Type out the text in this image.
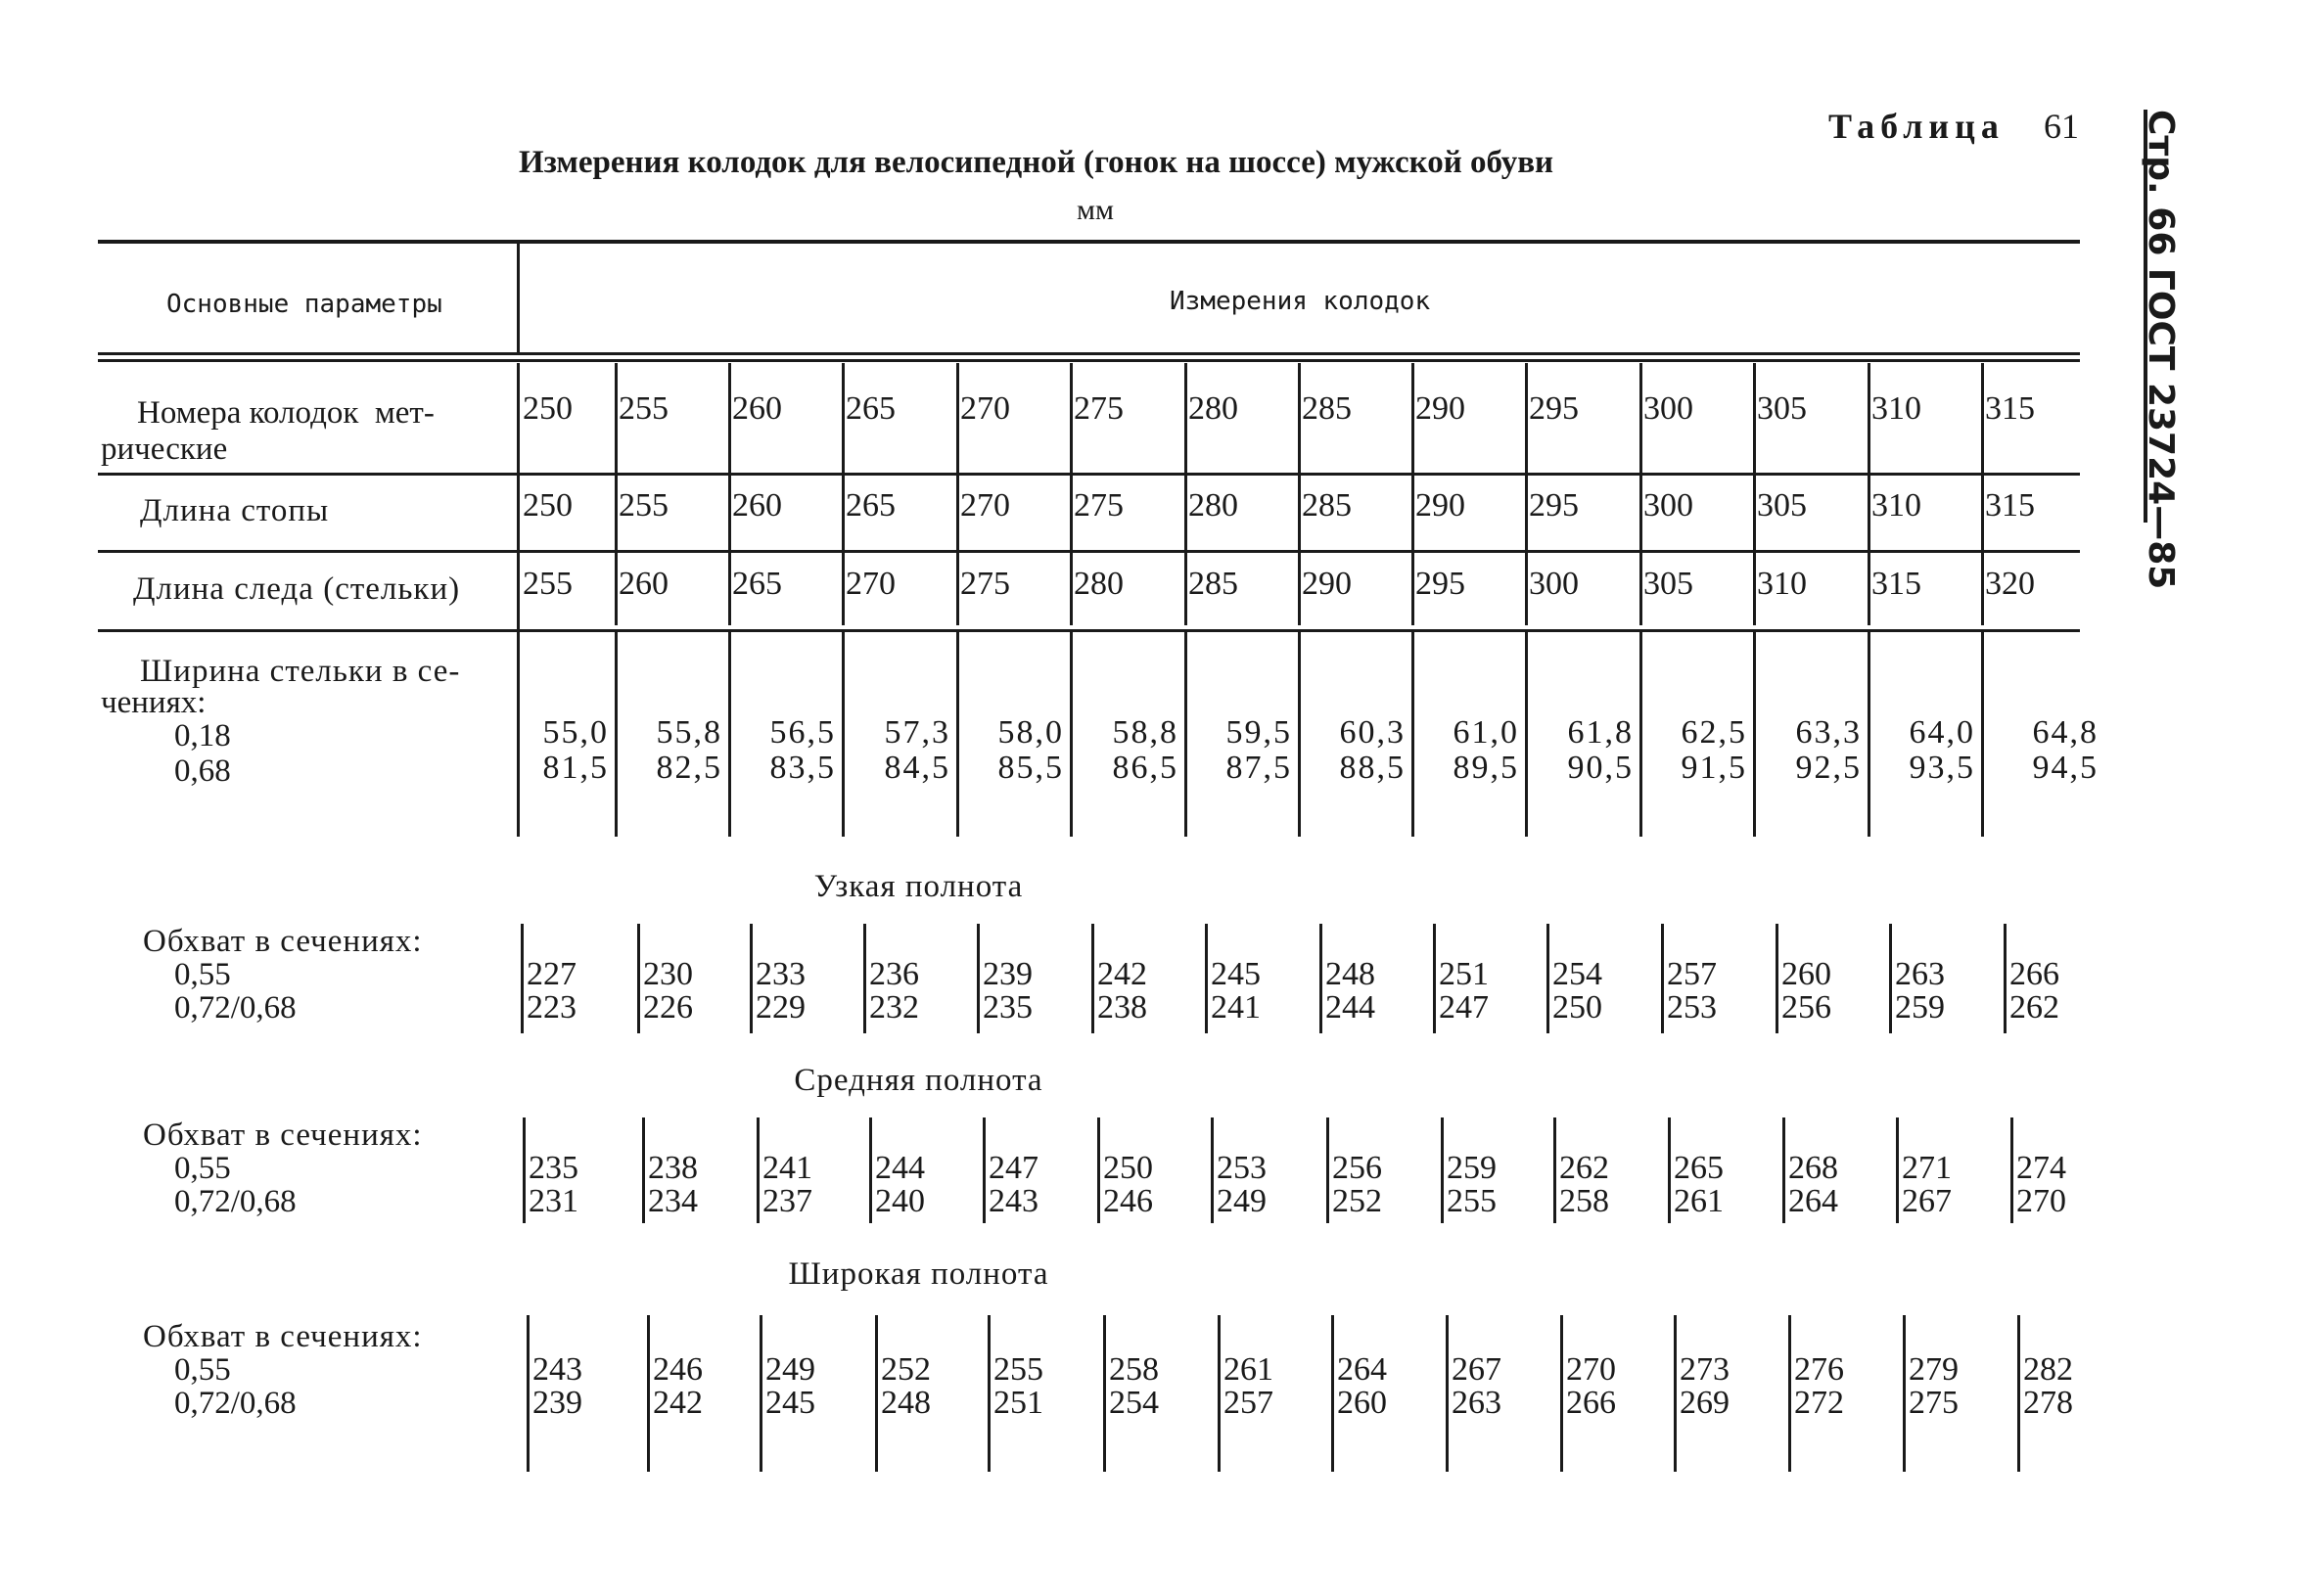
Таблица 61
Измерения колодок для велосипедной (гонок на шоссе) мужской обуви
мм	Стр. 66 ГОСТ 23724—85
Основные параметры	Измерения колодок
Номера колодок  мет-
рические
Длина стопы
Длина следа (стельки)
Ширина стельки в се-
чениях:
0,18
0,68
250 255 260 265 270 275 280 285 290 295 300 305 310 315
250 255 260 265 270 275 280 285 290 295 300 305 310 315
255 260 265 270 275 280 285 290 295 300 305 310 315 320
55,0
81,5
55,8
82,5
56,5
83,5
57,3
84,5
58,0
85,5
58,8
86,5
59,5
87,5
60,3
88,5
61,0
89,5
61,8
90,5
62,5
91,5
63,3
92,5
64,0
93,5
64,8
94,5
Узкая полнота
Обхват в сечениях:
0,55
0,72/0,68
227
223
230
226
233
229
236
232
239
235
242
238
245
241
248
244
251
247
254
250
257
253
260
256
263
259
266
262
Средняя полнота
Обхват в сечениях:
0,55
0,72/0,68
235
231
238
234
241
237
244
240
247
243
250
246
253
249
256
252
259
255
262
258
265
261
268
264
271
267
274
270
Широкая полнота
Обхват в сечениях:
0,55
0,72/0,68
243
239
246
242
249
245
252
248
255
251
258
254
261
257
264
260
267
263
270
266
273
269
276
272
279
275
282
278
